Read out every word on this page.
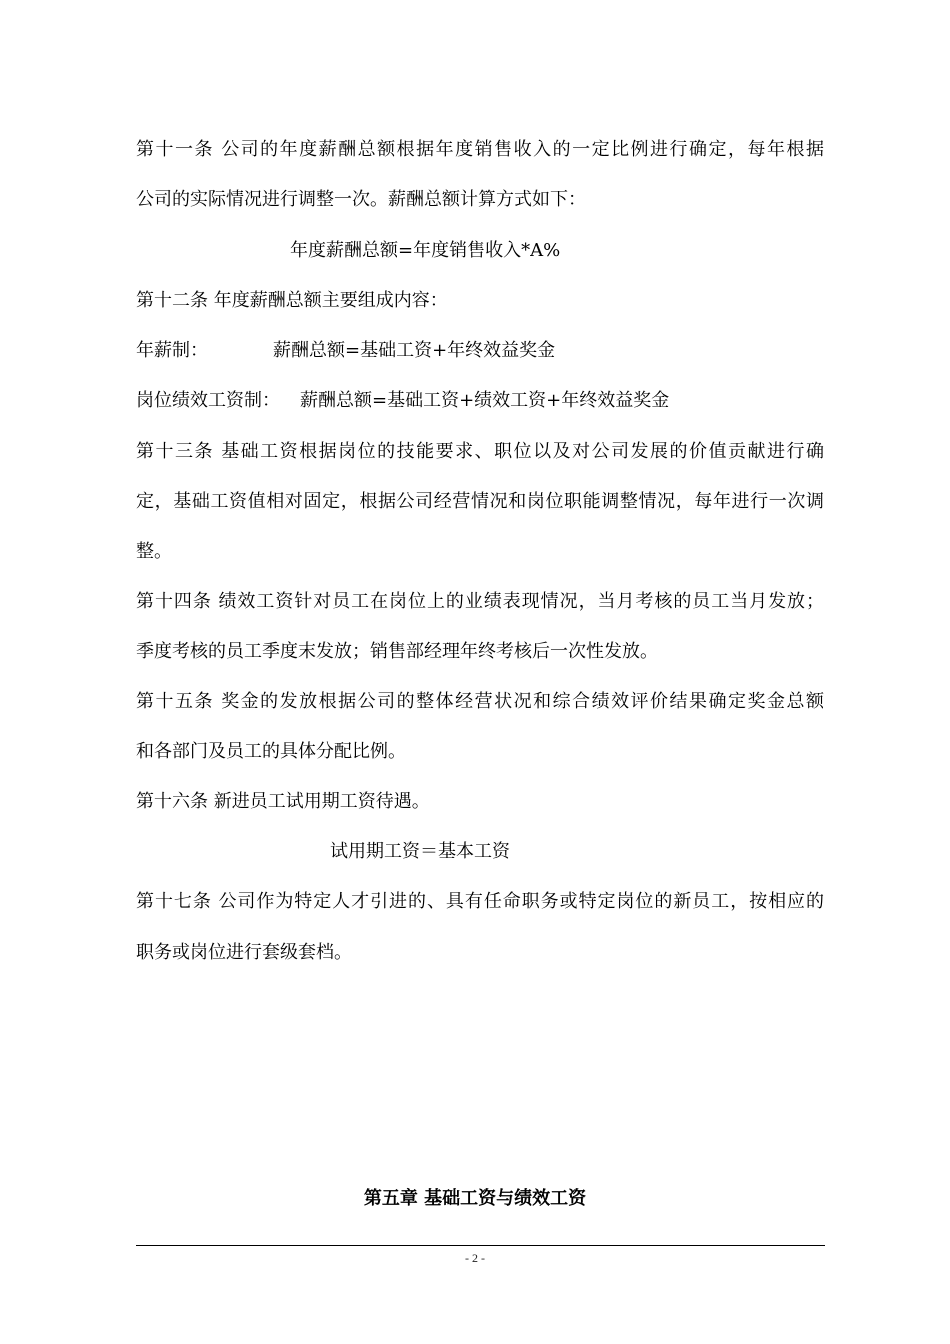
第十一条 公司的年度薪酬总额根据年度销售收入的一定比例进行确定，每年根据
公司的实际情况进行调整一次。薪酬总额计算方式如下：
年度薪酬总额=年度销售收入*A%
第十二条 年度薪酬总额主要组成内容：
年薪制：	薪酬总额=基础工资+年终效益奖金
岗位绩效工资制： 薪酬总额=基础工资+绩效工资+年终效益奖金
第十三条 基础工资根据岗位的技能要求、职位以及对公司发展的价值贡献进行确
定，基础工资值相对固定，根据公司经营情况和岗位职能调整情况，每年进行一次调
整。
第十四条 绩效工资针对员工在岗位上的业绩表现情况，当月考核的员工当月发放；
季度考核的员工季度末发放；销售部经理年终考核后一次性发放。
第十五条 奖金的发放根据公司的整体经营状况和综合绩效评价结果确定奖金总额
和各部门及员工的具体分配比例。
第十六条 新进员工试用期工资待遇。
试用期工资＝基本工资
第十七条 公司作为特定人才引进的、具有任命职务或特定岗位的新员工，按相应的
职务或岗位进行套级套档。
第五章 基础工资与绩效工资
- 2 -
